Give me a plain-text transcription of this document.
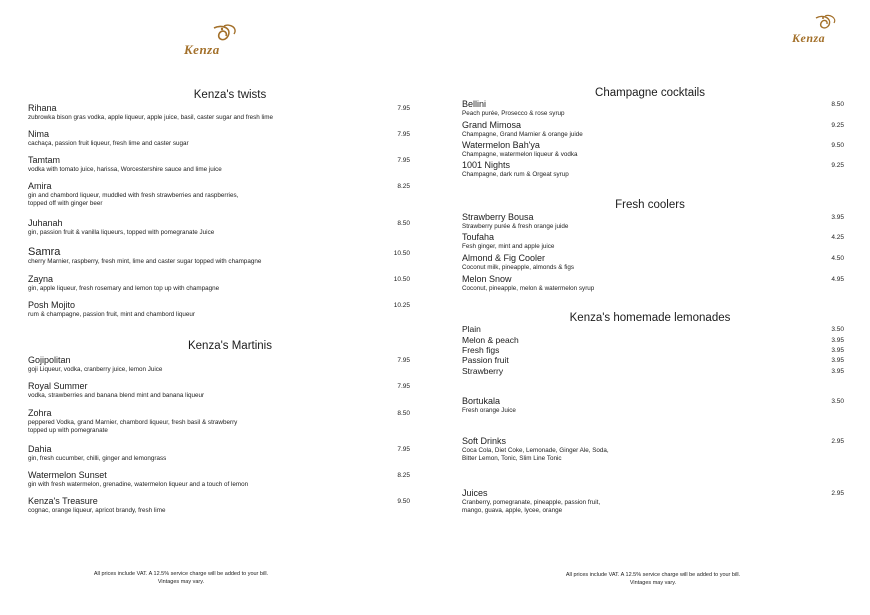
Kenza
Kenza's twists
Rihana
zubrowka bison gras vodka, apple liqueur, apple juice, basil, caster sugar and fresh lime
7.95
Nima
cachaça, passion fruit liqueur, fresh lime and caster sugar
7.95
Tamtam
vodka with tomato juice, harissa, Worcestershire sauce and lime juice
7.95
Amira
gin and chambord liqueur, muddled with fresh strawberries and raspberries,
topped off with ginger beer
8.25
Juhanah
gin, passion fruit & vanilla liqueurs, topped with pomegranate Juice
8.50
Samra
cherry Marnier, raspberry, fresh mint, lime and caster sugar topped with champagne
10.50
Zayna
gin, apple liqueur, fresh rosemary and lemon top up with champagne
10.50
Posh Mojito
rum & champagne, passion fruit, mint and chambord liqueur
10.25
Kenza's Martinis
Gojipolitan
goji Liqueur, vodka, cranberry juice, lemon Juice
7.95
Royal Summer
vodka, strawberries and banana blend mint and banana liqueur
7.95
Zohra
peppered Vodka, grand Marnier, chambord liqueur, fresh basil & strawberry
topped up with pomegranate
8.50
Dahia
gin, fresh cucumber, chilli, ginger and lemongrass
7.95
Watermelon Sunset
gin with fresh watermelon, grenadine, watermelon liqueur and a touch of lemon
8.25
Kenza's Treasure
cognac, orange liqueur, apricot brandy, fresh lime
9.50
All prices include VAT. A 12.5% service charge will be added to your bill.
Vintages may vary.
Kenza
Champagne cocktails
Bellini
Peach purée, Prosecco & rose syrup
8.50
Grand Mimosa
Champagne, Grand Marnier & orange juide
9.25
Watermelon Bah'ya
Champagne, watermelon liqueur & vodka
9.50
1001 Nights
Champagne, dark rum & Orgeat syrup
9.25
Fresh coolers
Strawberry Bousa
Strawberry purée & fresh orange juide
3.95
Toufaha
Fesh ginger, mint and apple juice
4.25
Almond & Fig Cooler
Coconut milk, pineapple, almonds & figs
4.50
Melon Snow
Coconut, pineapple, melon & watermelon syrup
4.95
Kenza's homemade lemonades
Plain	3.50
Melon & peach	3.95
Fresh figs	3.95
Passion fruit	3.95
Strawberry	3.95
Bortukala
Fresh orange Juice
3.50
Soft Drinks
Coca Cola, Diet Coke, Lemonade, Ginger Ale, Soda,
Bitter Lemon, Tonic, Slim Line Tonic
2.95
Juices
Cranberry, pomegranate, pineapple, passion fruit,
mango, guava, apple, lycee, orange
2.95
All prices include VAT. A 12.5% service charge will be added to your bill.
Vintages may vary.
